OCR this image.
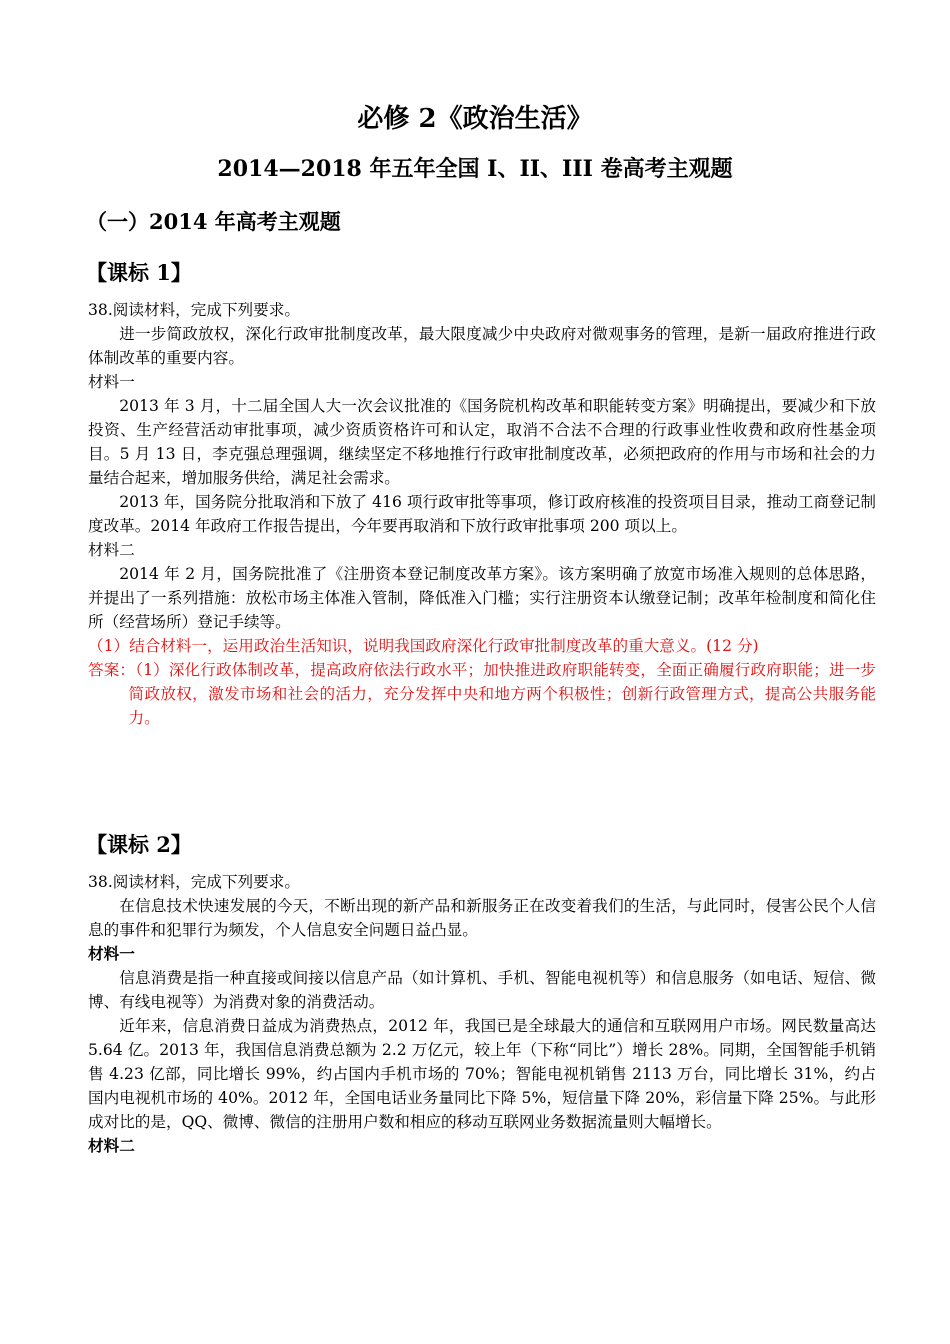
必修 2《政治生活》
2014—2018 年五年全国 I、II、III 卷高考主观题
（一）2014 年高考主观题
【课标 1】

38.阅读材料，完成下列要求。

进一步简政放权，深化行政审批制度改革，最大限度减少中央政府对微观事务的管理，是新一届政府推进行政体制改革的重要内容。

材料一

2013 年 3 月，十二届全国人大一次会议批准的《国务院机构改革和职能转变方案》明确提出，要减少和下放投资、生产经营活动审批事项，减少资质资格许可和认定，取消不合法不合理的行政事业性收费和政府性基金项目。5 月 13 日，李克强总理强调，继续坚定不移地推行行政审批制度改革，必须把政府的作用与市场和社会的力量结合起来，增加服务供给，满足社会需求。

2013 年，国务院分批取消和下放了 416 项行政审批等事项，修订政府核准的投资项目目录，推动工商登记制度改革。2014 年政府工作报告提出，今年要再取消和下放行政审批事项 200 项以上。

材料二

2014 年 2 月，国务院批准了《注册资本登记制度改革方案》。该方案明确了放宽市场准入规则的总体思路，并提出了一系列措施：放松市场主体准入管制，降低准入门槛；实行注册资本认缴登记制；改革年检制度和简化住所（经营场所）登记手续等。

（1）结合材料一，运用政治生活知识，说明我国政府深化行政审批制度改革的重大意义。(12 分)

答案：（1）深化行政体制改革，提高政府依法行政水平；加快推进政府职能转变，全面正确履行政府职能；进一步简政放权，激发市场和社会的活力，充分发挥中央和地方两个积极性；创新行政管理方式，提高公共服务能力。

【课标 2】

38.阅读材料，完成下列要求。

在信息技术快速发展的今天，不断出现的新产品和新服务正在改变着我们的生活，与此同时，侵害公民个人信息的事件和犯罪行为频发，个人信息安全问题日益凸显。

材料一

信息消费是指一种直接或间接以信息产品（如计算机、手机、智能电视机等）和信息服务（如电话、短信、微博、有线电视等）为消费对象的消费活动。

近年来，信息消费日益成为消费热点，2012 年，我国已是全球最大的通信和互联网用户市场。网民数量高达 5.64 亿。2013 年，我国信息消费总额为 2.2 万亿元，较上年（下称“同比”）增长 28%。同期，全国智能手机销售 4.23 亿部，同比增长 99%，约占国内手机市场的 70%；智能电视机销售 2113 万台，同比增长 31%，约占国内电视机市场的 40%。2012 年，全国电话业务量同比下降 5%，短信量下降 20%，彩信量下降 25%。与此形成对比的是，QQ、微博、微信的注册用户数和相应的移动互联网业务数据流量则大幅增长。

材料二
